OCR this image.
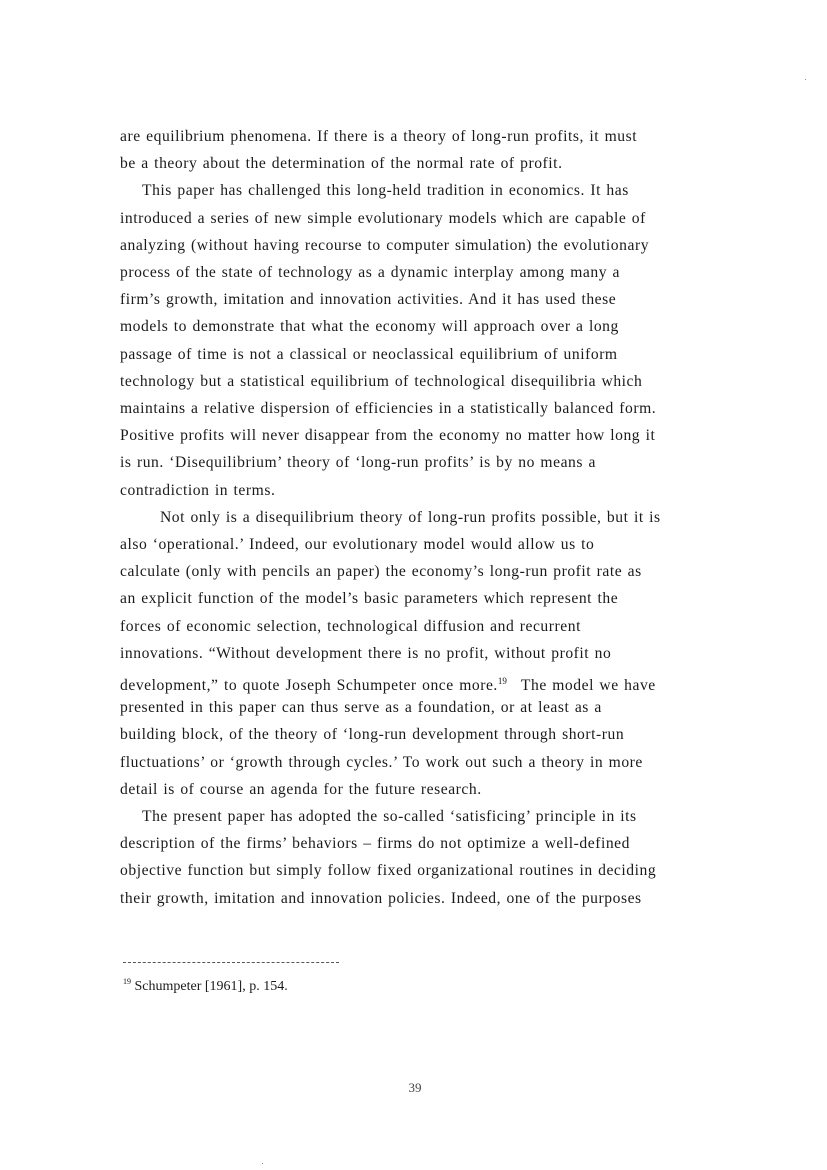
are equilibrium phenomena. If there is a theory of long-run profits, it must
be a theory about the determination of the normal rate of profit.
This paper has challenged this long-held tradition in economics. It has
introduced a series of new simple evolutionary models which are capable of
analyzing (without having recourse to computer simulation) the evolutionary
process of the state of technology as a dynamic interplay among many a
firm’s growth, imitation and innovation activities. And it has used these
models to demonstrate that what the economy will approach over a long
passage of time is not a classical or neoclassical equilibrium of uniform
technology but a statistical equilibrium of technological disequilibria which
maintains a relative dispersion of efficiencies in a statistically balanced form.
Positive profits will never disappear from the economy no matter how long it
is run. ‘Disequilibrium’ theory of ‘long-run profits’ is by no means a
contradiction in terms.
Not only is a disequilibrium theory of long-run profits possible, but it is
also ‘operational.’ Indeed, our evolutionary model would allow us to
calculate (only with pencils an paper) the economy’s long-run profit rate as
an explicit function of the model’s basic parameters which represent the
forces of economic selection, technological diffusion and recurrent
innovations. “Without development there is no profit, without profit no
development,” to quote Joseph Schumpeter once more.$^{19}$ The model we have
presented in this paper can thus serve as a foundation, or at least as a
building block, of the theory of ‘long-run development through short-run
fluctuations’ or ‘growth through cycles.’ To work out such a theory in more
detail is of course an agenda for the future research.
The present paper has adopted the so-called ‘satisficing’ principle in its
description of the firms’ behaviors – firms do not optimize a well-defined
objective function but simply follow fixed organizational routines in deciding
their growth, imitation and innovation policies. Indeed, one of the purposes
$^{19}$ Schumpeter [1961], p. 154.
39
